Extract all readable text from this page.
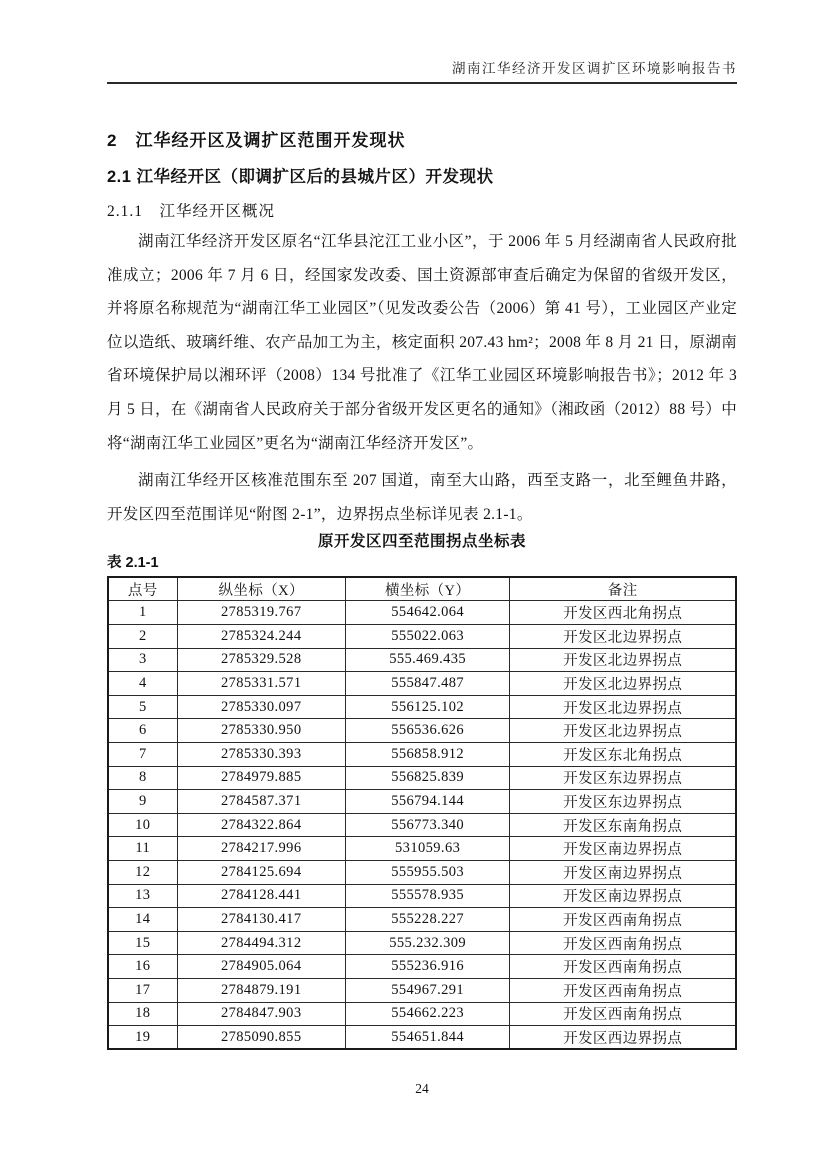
湖南江华经济开发区调扩区环境影响报告书
2　江华经开区及调扩区范围开发现状
2.1 江华经开区（即调扩区后的县城片区）开发现状
2.1.1　江华经开区概况

湖南江华经济开发区原名“江华县沱江工业小区”，于 2006 年 5 月经湖南省人民政府批准成立；2006 年 7 月 6 日，经国家发改委、国土资源部审查后确定为保留的省级开发区，并将原名称规范为“湖南江华工业园区”（见发改委公告（2006）第 41 号），工业园区产业定位以造纸、玻璃纤维、农产品加工为主，核定面积 207.43 hm²；2008 年 8 月 21 日，原湖南省环境保护局以湘环评（2008）134 号批准了《江华工业园区环境影响报告书》；2012 年 3 月 5 日，在《湖南省人民政府关于部分省级开发区更名的通知》（湘政函（2012）88 号）中将“湖南江华工业园区”更名为“湖南江华经济开发区”。

湖南江华经开区核准范围东至 207 国道，南至大山路，西至支路一，北至鲤鱼井路，开发区四至范围详见“附图 2-1”，边界拐点坐标详见表 2.1-1。

原开发区四至范围拐点坐标表
表 2.1-1
点号	纵坐标（X）	横坐标（Y）	备注
1	2785319.767	554642.064	开发区西北角拐点
2	2785324.244	555022.063	开发区北边界拐点
3	2785329.528	555.469.435	开发区北边界拐点
4	2785331.571	555847.487	开发区北边界拐点
5	2785330.097	556125.102	开发区北边界拐点
6	2785330.950	556536.626	开发区北边界拐点
7	2785330.393	556858.912	开发区东北角拐点
8	2784979.885	556825.839	开发区东边界拐点
9	2784587.371	556794.144	开发区东边界拐点
10	2784322.864	556773.340	开发区东南角拐点
11	2784217.996	531059.63	开发区南边界拐点
12	2784125.694	555955.503	开发区南边界拐点
13	2784128.441	555578.935	开发区南边界拐点
14	2784130.417	555228.227	开发区西南角拐点
15	2784494.312	555.232.309	开发区西南角拐点
16	2784905.064	555236.916	开发区西南角拐点
17	2784879.191	554967.291	开发区西南角拐点
18	2784847.903	554662.223	开发区西南角拐点
19	2785090.855	554651.844	开发区西边界拐点
24
